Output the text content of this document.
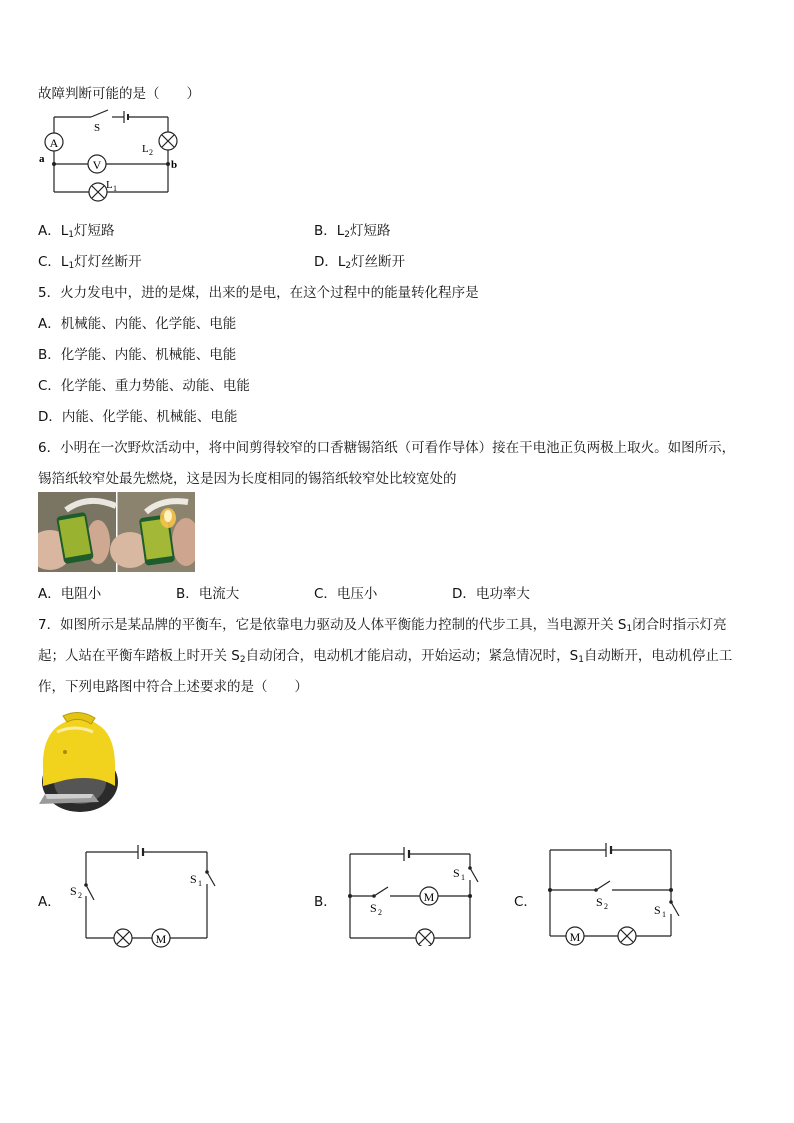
故障判断可能的是（　　）
A
V
S
L 2
L 1
a	b
A．$L_1$灯短路	B．$L_2$灯短路
C．$L_1$灯灯丝断开	D．$L_2$灯丝断开
5．火力发电中，进的是煤，出来的是电，在这个过程中的能量转化程序是
A．机械能、内能、化学能、电能
B．化学能、内能、机械能、电能
C．化学能、重力势能、动能、电能
D．内能、化学能、机械能、电能
6．小明在一次野炊活动中，将中间剪得较窄的口香糖锡箔纸（可看作导体）接在干电池正负两极上取火。如图所示，
锡箔纸较窄处最先燃烧，这是因为长度相同的锡箔纸较窄处比较宽处的
A．电阻小	B．电流大	C．电压小	D．电功率大
7．如图所示是某品牌的平衡车，它是依靠电力驱动及人体平衡能力控制的代步工具，当电源开关 $S_1$闭合时指示灯亮
起；人站在平衡车踏板上时开关 $S_2$自动闭合，电动机才能启动，开始运动；紧急情况时，$S_1$自动断开，电动机停止工
作，下列电路图中符合上述要求的是（　　）
A．
M
S 2
S 1
B．	M
S 2
S 1
C．
M
S 2	S 1
